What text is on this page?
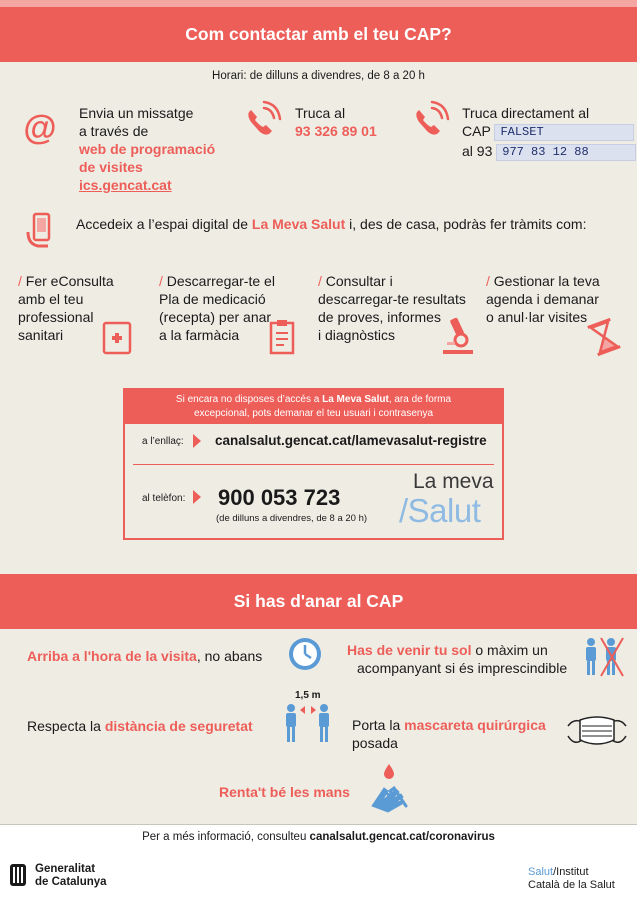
Com contactar amb el teu CAP?
Horari: de dilluns a divendres, de 8 a 20 h
@ Envia un missatge
a través de
web de programació
de visites
ics.gencat.cat
Truca al
93 326 89 01
Truca directament al
CAP FALSET
al 93 977 83 12 88
Accedeix a l’espai digital de La Meva Salut i, des de casa, podràs fer tràmits com:
/ Fer eConsulta
amb el teu
professional
sanitari
/ Descarregar-te el
Pla de medicació
(recepta) per anar
a la farmàcia
/ Consultar i
descarregar-te resultats
de proves, informes
i diagnòstics
/ Gestionar la teva
agenda i demanar
o anul·lar visites
Si encara no disposes d’accés a La Meva Salut, ara de forma
excepcional, pots demanar el teu usuari i contrasenya
a l’enllaç: canalsalut.gencat.cat/lamevasalut-registre
al telèfon: 900 053 723
(de dilluns a divendres, de 8 a 20 h)
La meva
/Salut
Si has d'anar al CAP
Arriba a l'hora de la visita, no abans	Has de venir tu sol o màxim un
acompanyant si és imprescindible
Respecta la distància de seguretat
1,5 m
Porta la mascareta quirúrgica
posada
Renta't bé les mans
Per a més informació, consulteu canalsalut.gencat.cat/coronavirus
Generalitat
de Catalunya
Salut/Institut
Català de la Salut
